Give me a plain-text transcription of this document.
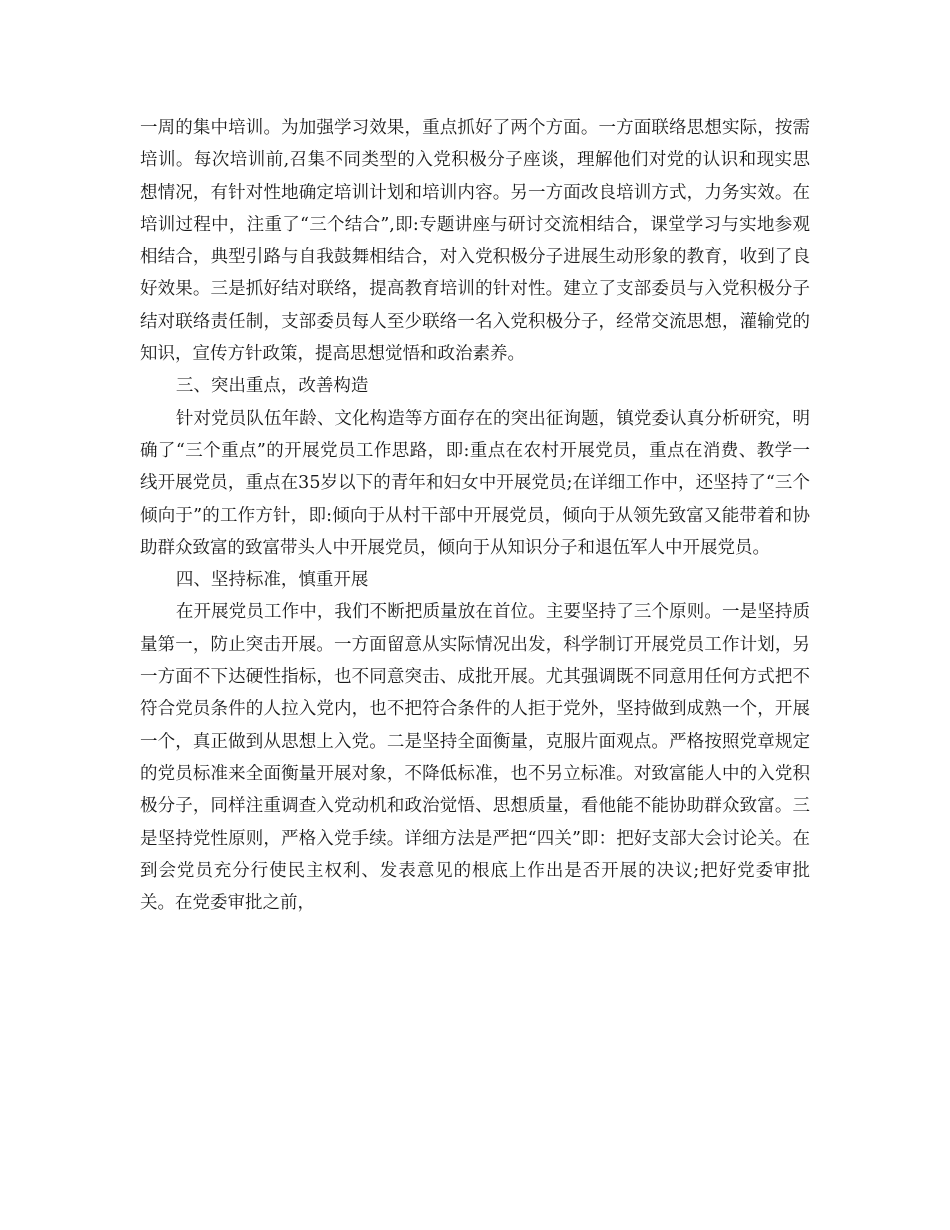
一周的集中培训。为加强学习效果，重点抓好了两个方面。一方面联络思想实际，按需培训。每次培训前,召集不同类型的入党积极分子座谈，理解他们对党的认识和现实思想情况，有针对性地确定培训计划和培训内容。另一方面改良培训方式，力务实效。在培训过程中，注重了“三个结合”,即:专题讲座与研讨交流相结合，课堂学习与实地参观相结合，典型引路与自我鼓舞相结合，对入党积极分子进展生动形象的教育，收到了良好效果。三是抓好结对联络，提高教育培训的针对性。建立了支部委员与入党积极分子结对联络责任制，支部委员每人至少联络一名入党积极分子，经常交流思想，灌输党的知识，宣传方针政策，提高思想觉悟和政治素养。

三、突出重点，改善构造

针对党员队伍年龄、文化构造等方面存在的突出征询题，镇党委认真分析研究，明确了“三个重点”的开展党员工作思路，即:重点在农村开展党员，重点在消费、教学一线开展党员，重点在35岁以下的青年和妇女中开展党员;在详细工作中，还坚持了“三个倾向于”的工作方针，即:倾向于从村干部中开展党员，倾向于从领先致富又能带着和协助群众致富的致富带头人中开展党员，倾向于从知识分子和退伍军人中开展党员。

四、坚持标准，慎重开展

在开展党员工作中，我们不断把质量放在首位。主要坚持了三个原则。一是坚持质量第一，防止突击开展。一方面留意从实际情况出发，科学制订开展党员工作计划，另一方面不下达硬性指标，也不同意突击、成批开展。尤其强调既不同意用任何方式把不符合党员条件的人拉入党内，也不把符合条件的人拒于党外，坚持做到成熟一个，开展一个，真正做到从思想上入党。二是坚持全面衡量，克服片面观点。严格按照党章规定的党员标准来全面衡量开展对象，不降低标准，也不另立标准。对致富能人中的入党积极分子，同样注重调查入党动机和政治觉悟、思想质量，看他能不能协助群众致富。三是坚持党性原则，严格入党手续。详细方法是严把“四关”即：把好支部大会讨论关。在到会党员充分行使民主权利、发表意见的根底上作出是否开展的决议;把好党委审批关。在党委审批之前，
